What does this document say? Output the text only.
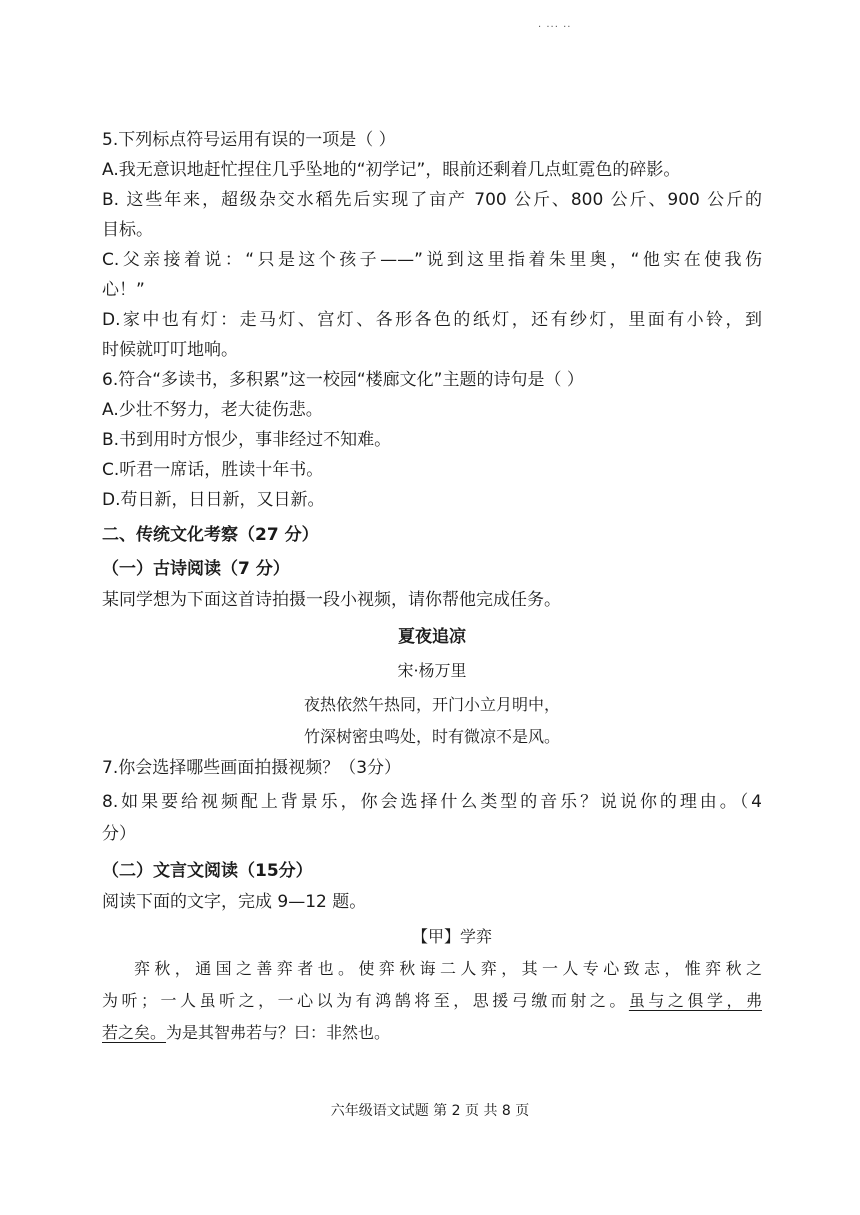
· ··· ··
5.下列标点符号运用有误的一项是（ ）
A.我无意识地赶忙捏住几乎坠地的“初学记”，眼前还剩着几点虹霓色的碎影。
B. 这些年来，超级杂交水稻先后实现了亩产 700 公斤、800 公斤、900 公斤的
目标。
C.父亲接着说：“只是这个孩子——”说到这里指着朱里奥，“他实在使我伤
心！”
D.家中也有灯：走马灯、宫灯、各形各色的纸灯，还有纱灯，里面有小铃，到
时候就叮叮地响。
6.符合“多读书，多积累”这一校园“楼廊文化”主题的诗句是（ ）
A.少壮不努力，老大徒伤悲。
B.书到用时方恨少，事非经过不知难。
C.听君一席话，胜读十年书。
D.苟日新，日日新，又日新。
二、传统文化考察（27 分）
（一）古诗阅读（7 分）
某同学想为下面这首诗拍摄一段小视频，请你帮他完成任务。
夏夜追凉
宋·杨万里
夜热依然午热同，开门小立月明中，
竹深树密虫鸣处，时有微凉不是风。
7.你会选择哪些画面拍摄视频？（3分）
8.如果要给视频配上背景乐，你会选择什么类型的音乐？说说你的理由。（4
分）
（二）文言文阅读（15分）
阅读下面的文字，完成 9—12 题。
【甲】学弈
弈秋，通国之善弈者也。使弈秋诲二人弈，其一人专心致志，惟弈秋之
为听；一人虽听之，一心以为有鸿鹄将至，思援弓缴而射之。虽与之俱学，弗
若之矣。为是其智弗若与？曰：非然也。
六年级语文试题 第 2 页 共 8 页
